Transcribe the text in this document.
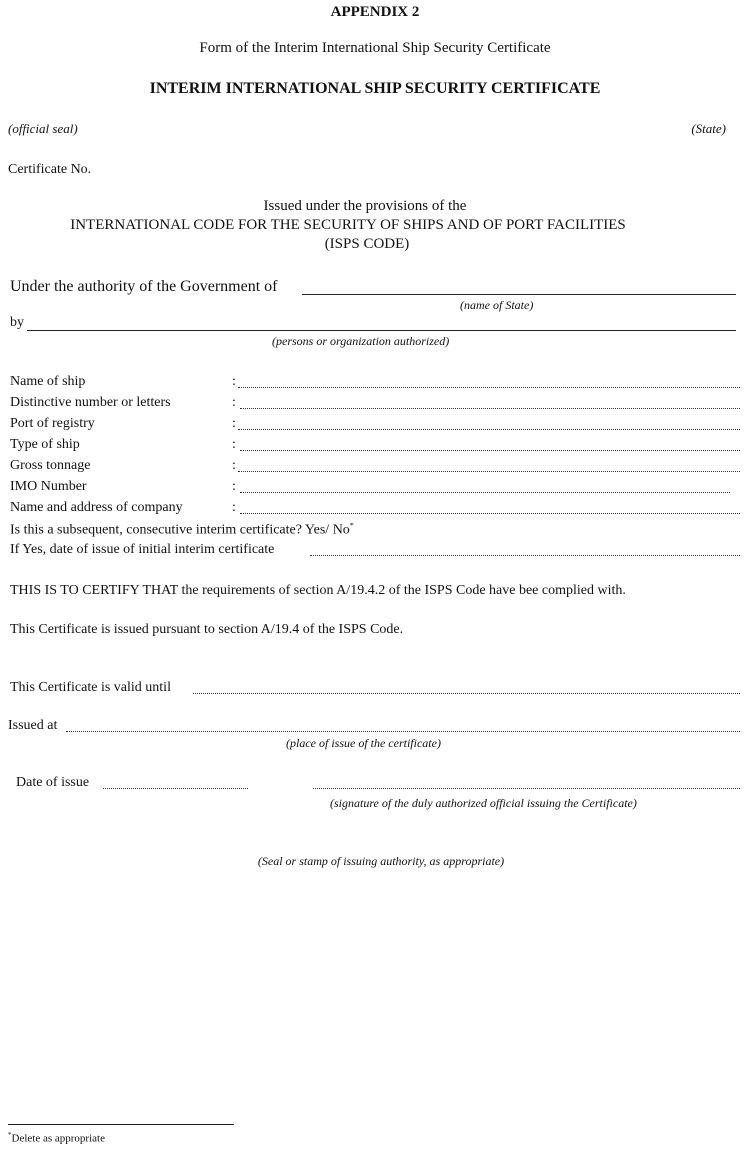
APPENDIX 2
Form of the Interim International Ship Security Certificate
INTERIM INTERNATIONAL SHIP SECURITY CERTIFICATE
(official seal)	(State)
Certificate No.
Issued under the provisions of the
INTERNATIONAL CODE FOR THE SECURITY OF SHIPS AND OF PORT FACILITIES
(ISPS CODE)
Under the authority of the Government of
(name of State)
by
(persons or organization authorized)
Name of ship	:
Distinctive number or letters	:
Port of registry	:
Type of ship	:
Gross tonnage	:
IMO Number	:
Name and address of company	:
Is this a subsequent, consecutive interim certificate? Yes/ No*
If Yes, date of issue of initial interim certificate
THIS IS TO CERTIFY THAT the requirements of section A/19.4.2 of the ISPS Code have bee complied with.
This Certificate is issued pursuant to section A/19.4 of the ISPS Code.
This Certificate is valid until
Issued at
(place of issue of the certificate)
Date of issue
(signature of the duly authorized official issuing the Certificate)
(Seal or stamp of issuing authority, as appropriate)
*Delete as appropriate
